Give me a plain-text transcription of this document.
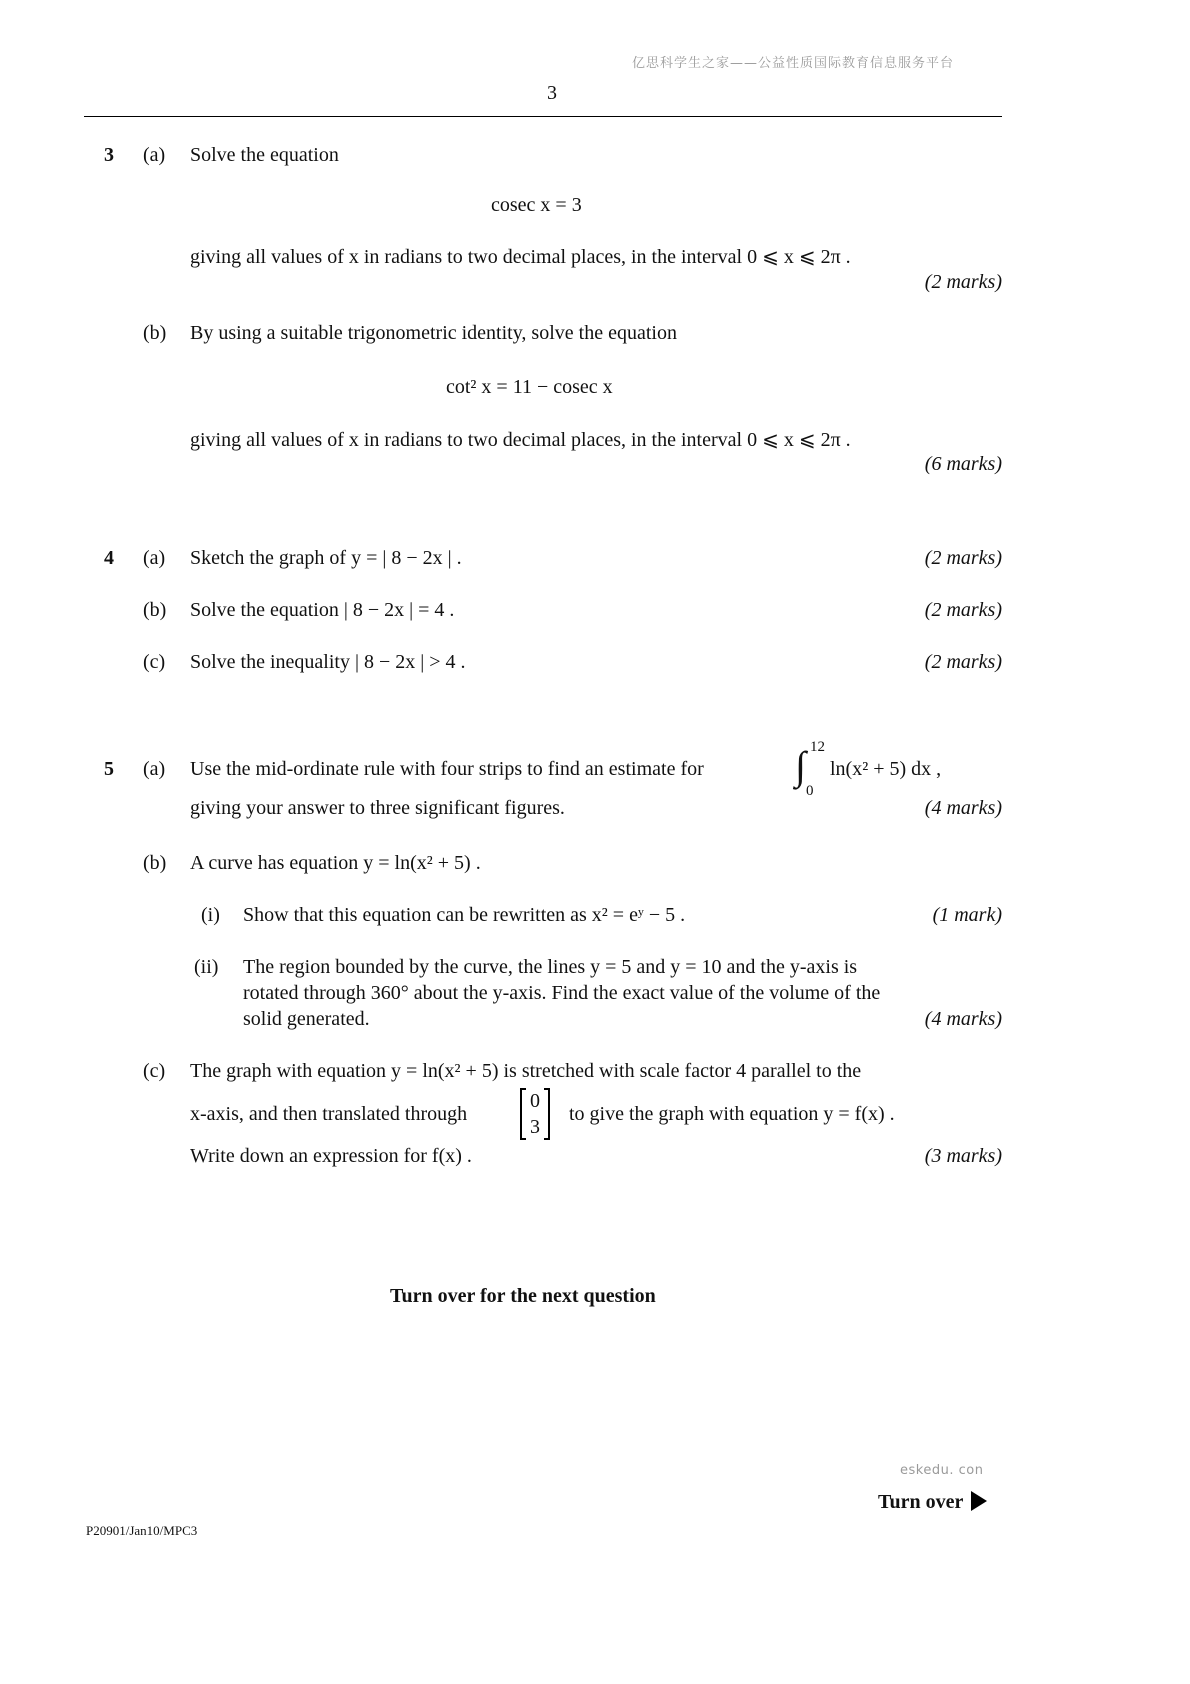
亿思科学生之家——公益性质国际教育信息服务平台
3
3 (a) Solve the equation
cosec x = 3
giving all values of x in radians to two decimal places, in the interval 0 ⩽ x ⩽ 2π .
(2 marks)
(b) By using a suitable trigonometric identity, solve the equation
cot² x = 11 − cosec x
giving all values of x in radians to two decimal places, in the interval 0 ⩽ x ⩽ 2π .
(6 marks)
4 (a) Sketch the graph of y = | 8 − 2x | .	(2 marks)
(b) Solve the equation | 8 − 2x | = 4 .	(2 marks)
(c) Solve the inequality | 8 − 2x | > 4 .	(2 marks)
5 (a) Use the mid-ordinate rule with four strips to find an estimate for ∫ 12
0
ln(x² + 5) dx ,
giving your answer to three significant figures.	(4 marks)
(b) A curve has equation y = ln(x² + 5) .
(i) Show that this equation can be rewritten as x² = eʸ − 5 .	(1 mark)
(ii) The region bounded by the curve, the lines y = 5 and y = 10 and the y-axis is
rotated through 360° about the y-axis. Find the exact value of the volume of the
solid generated.	(4 marks)
(c) The graph with equation y = ln(x² + 5) is stretched with scale factor 4 parallel to the
x-axis, and then translated through
0
3
to give the graph with equation y = f(x) .
Write down an expression for f(x) .	(3 marks)
Turn over for the next question
eskedu. con
Turn over
P20901/Jan10/MPC3
